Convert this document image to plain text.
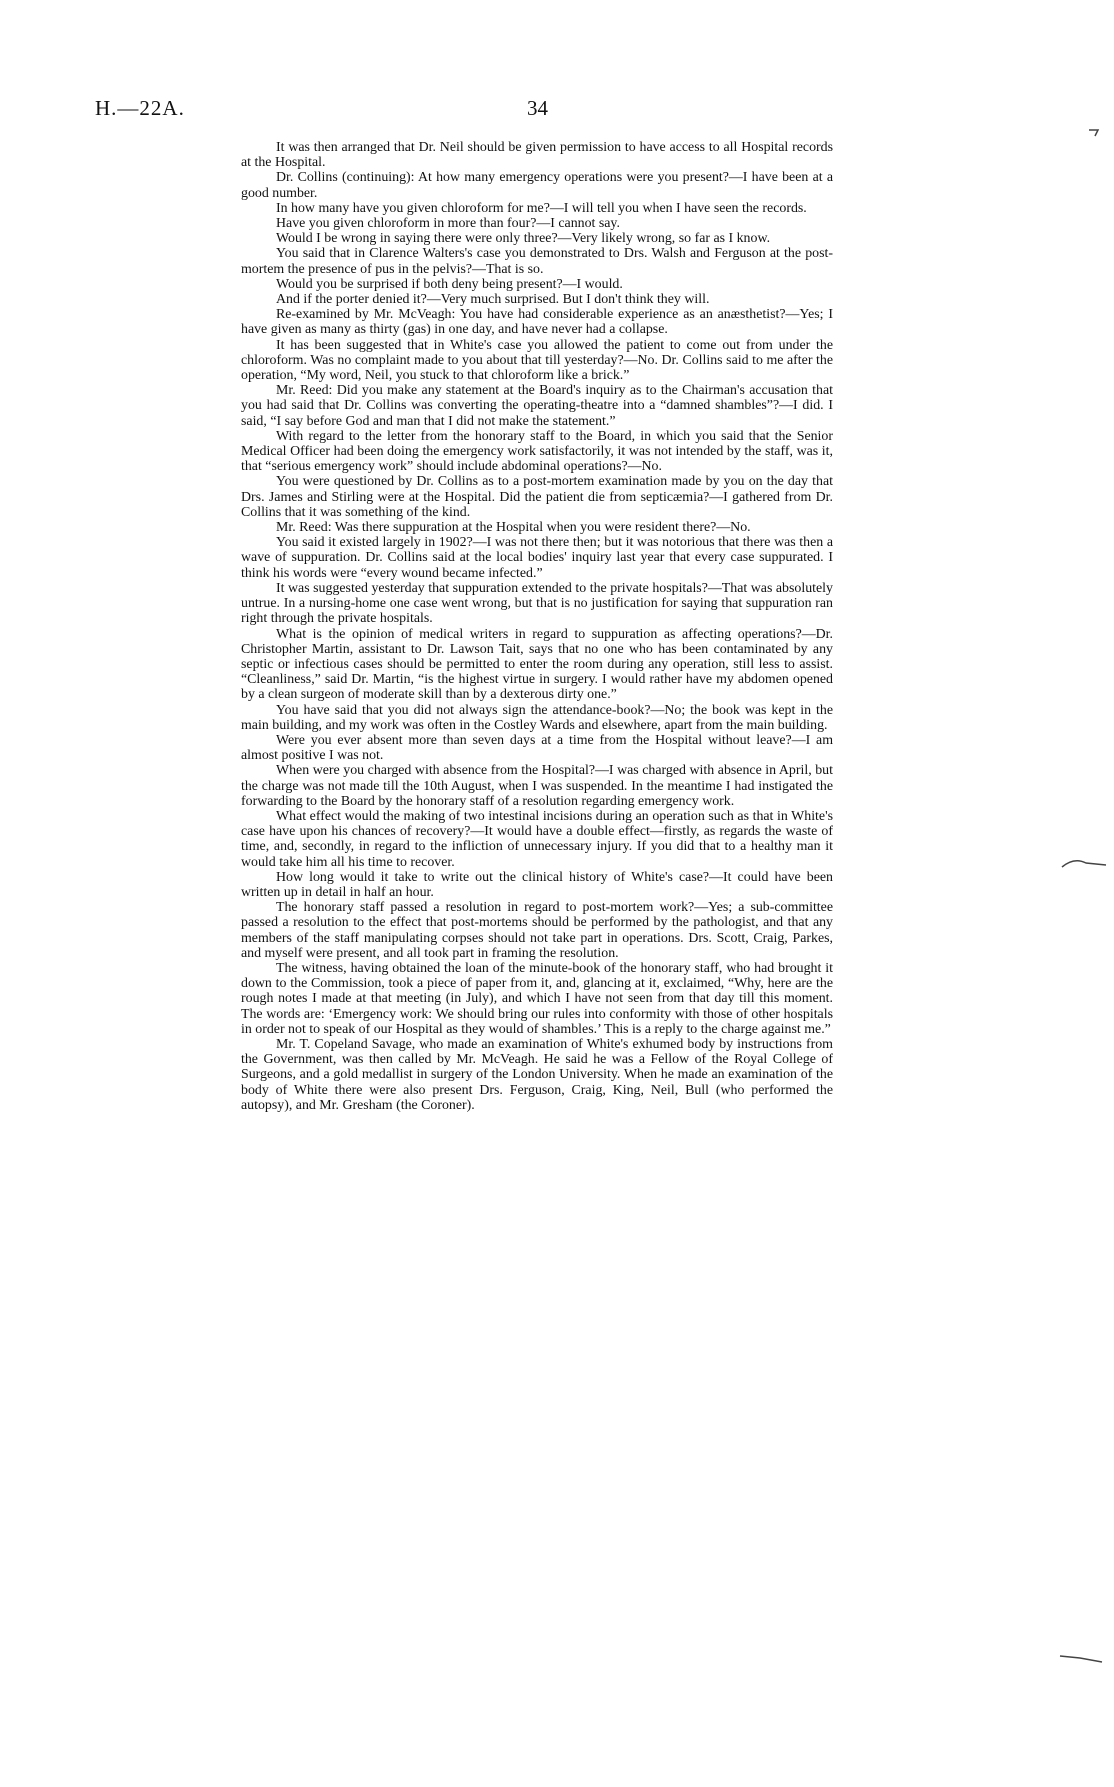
H.—22A.	34

It was then arranged that Dr. Neil should be given permission to have access to all Hospital records at the Hospital.

Dr. Collins (continuing): At how many emergency operations were you present?—I have been at a good number.

In how many have you given chloroform for me?—I will tell you when I have seen the records.

Have you given chloroform in more than four?—I cannot say.

Would I be wrong in saying there were only three?—Very likely wrong, so far as I know.

You said that in Clarence Walters's case you demonstrated to Drs. Walsh and Ferguson at the post-mortem the presence of pus in the pelvis?—That is so.

Would you be surprised if both deny being present?—I would.

And if the porter denied it?—Very much surprised. But I don't think they will.

Re-examined by Mr. McVeagh: You have had considerable experience as an anæsthetist?—Yes; I have given as many as thirty (gas) in one day, and have never had a collapse.

It has been suggested that in White's case you allowed the patient to come out from under the chloroform. Was no complaint made to you about that till yesterday?—No. Dr. Collins said to me after the operation, “My word, Neil, you stuck to that chloroform like a brick.”

Mr. Reed: Did you make any statement at the Board's inquiry as to the Chairman's accusation that you had said that Dr. Collins was converting the operating-theatre into a “damned shambles”?—I did. I said, “I say before God and man that I did not make the statement.”

With regard to the letter from the honorary staff to the Board, in which you said that the Senior Medical Officer had been doing the emergency work satisfactorily, it was not intended by the staff, was it, that “serious emergency work” should include abdominal operations?—No.

You were questioned by Dr. Collins as to a post-mortem examination made by you on the day that Drs. James and Stirling were at the Hospital. Did the patient die from septicæmia?—I gathered from Dr. Collins that it was something of the kind.

Mr. Reed: Was there suppuration at the Hospital when you were resident there?—No.

You said it existed largely in 1902?—I was not there then; but it was notorious that there was then a wave of suppuration. Dr. Collins said at the local bodies' inquiry last year that every case suppurated. I think his words were “every wound became infected.”

It was suggested yesterday that suppuration extended to the private hospitals?—That was absolutely untrue. In a nursing-home one case went wrong, but that is no justification for saying that suppuration ran right through the private hospitals.

What is the opinion of medical writers in regard to suppuration as affecting operations?—Dr. Christopher Martin, assistant to Dr. Lawson Tait, says that no one who has been contaminated by any septic or infectious cases should be permitted to enter the room during any operation, still less to assist. “Cleanliness,” said Dr. Martin, “is the highest virtue in surgery. I would rather have my abdomen opened by a clean surgeon of moderate skill than by a dexterous dirty one.”

You have said that you did not always sign the attendance-book?—No; the book was kept in the main building, and my work was often in the Costley Wards and elsewhere, apart from the main building.

Were you ever absent more than seven days at a time from the Hospital without leave?—I am almost positive I was not.

When were you charged with absence from the Hospital?—I was charged with absence in April, but the charge was not made till the 10th August, when I was suspended. In the meantime I had instigated the forwarding to the Board by the honorary staff of a resolution regarding emergency work.

What effect would the making of two intestinal incisions during an operation such as that in White's case have upon his chances of recovery?—It would have a double effect—firstly, as regards the waste of time, and, secondly, in regard to the infliction of unnecessary injury. If you did that to a healthy man it would take him all his time to recover.

How long would it take to write out the clinical history of White's case?—It could have been written up in detail in half an hour.

The honorary staff passed a resolution in regard to post-mortem work?—Yes; a sub-committee passed a resolution to the effect that post-mortems should be performed by the pathologist, and that any members of the staff manipulating corpses should not take part in operations. Drs. Scott, Craig, Parkes, and myself were present, and all took part in framing the resolution.

The witness, having obtained the loan of the minute-book of the honorary staff, who had brought it down to the Commission, took a piece of paper from it, and, glancing at it, exclaimed, “Why, here are the rough notes I made at that meeting (in July), and which I have not seen from that day till this moment. The words are: ‘Emergency work: We should bring our rules into conformity with those of other hospitals in order not to speak of our Hospital as they would of shambles.’ This is a reply to the charge against me.”

Mr. T. Copeland Savage, who made an examination of White's exhumed body by instructions from the Government, was then called by Mr. McVeagh. He said he was a Fellow of the Royal College of Surgeons, and a gold medallist in surgery of the London University. When he made an examination of the body of White there were also present Drs. Ferguson, Craig, King, Neil, Bull (who performed the autopsy), and Mr. Gresham (the Coroner).
